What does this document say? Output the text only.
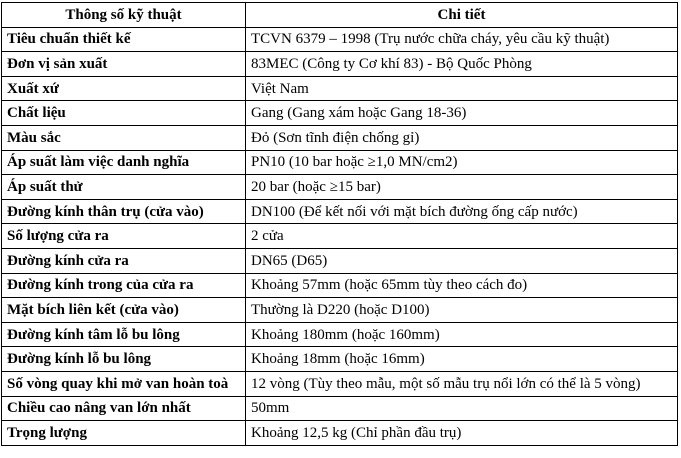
Thông số kỹ thuật	Chi tiết
Tiêu chuẩn thiết kế	TCVN 6379 – 1998 (Trụ nước chữa cháy, yêu cầu kỹ thuật)
Đơn vị sản xuất	83MEC (Công ty Cơ khí 83) - Bộ Quốc Phòng
Xuất xứ	Việt Nam
Chất liệu	Gang (Gang xám hoặc Gang 18-36)
Màu sắc	Đỏ (Sơn tĩnh điện chống gỉ)
Áp suất làm việc danh nghĩa	PN10 (10 bar hoặc ≥1,0 MN/cm2)
Áp suất thử	20 bar (hoặc ≥15 bar)
Đường kính thân trụ (cửa vào)	DN100 (Để kết nối với mặt bích đường ống cấp nước)
Số lượng cửa ra	2 cửa
Đường kính cửa ra	DN65 (D65)
Đường kính trong của cửa ra	Khoảng 57mm (hoặc 65mm tùy theo cách đo)
Mặt bích liên kết (cửa vào)	Thường là D220 (hoặc D100)
Đường kính tâm lỗ bu lông	Khoảng 180mm (hoặc 160mm)
Đường kính lỗ bu lông	Khoảng 18mm (hoặc 16mm)
Số vòng quay khi mở van hoàn toà	12 vòng (Tùy theo mẫu, một số mẫu trụ nổi lớn có thể là 5 vòng)
Chiều cao nâng van lớn nhất	50mm
Trọng lượng	Khoảng 12,5 kg (Chỉ phần đầu trụ)
